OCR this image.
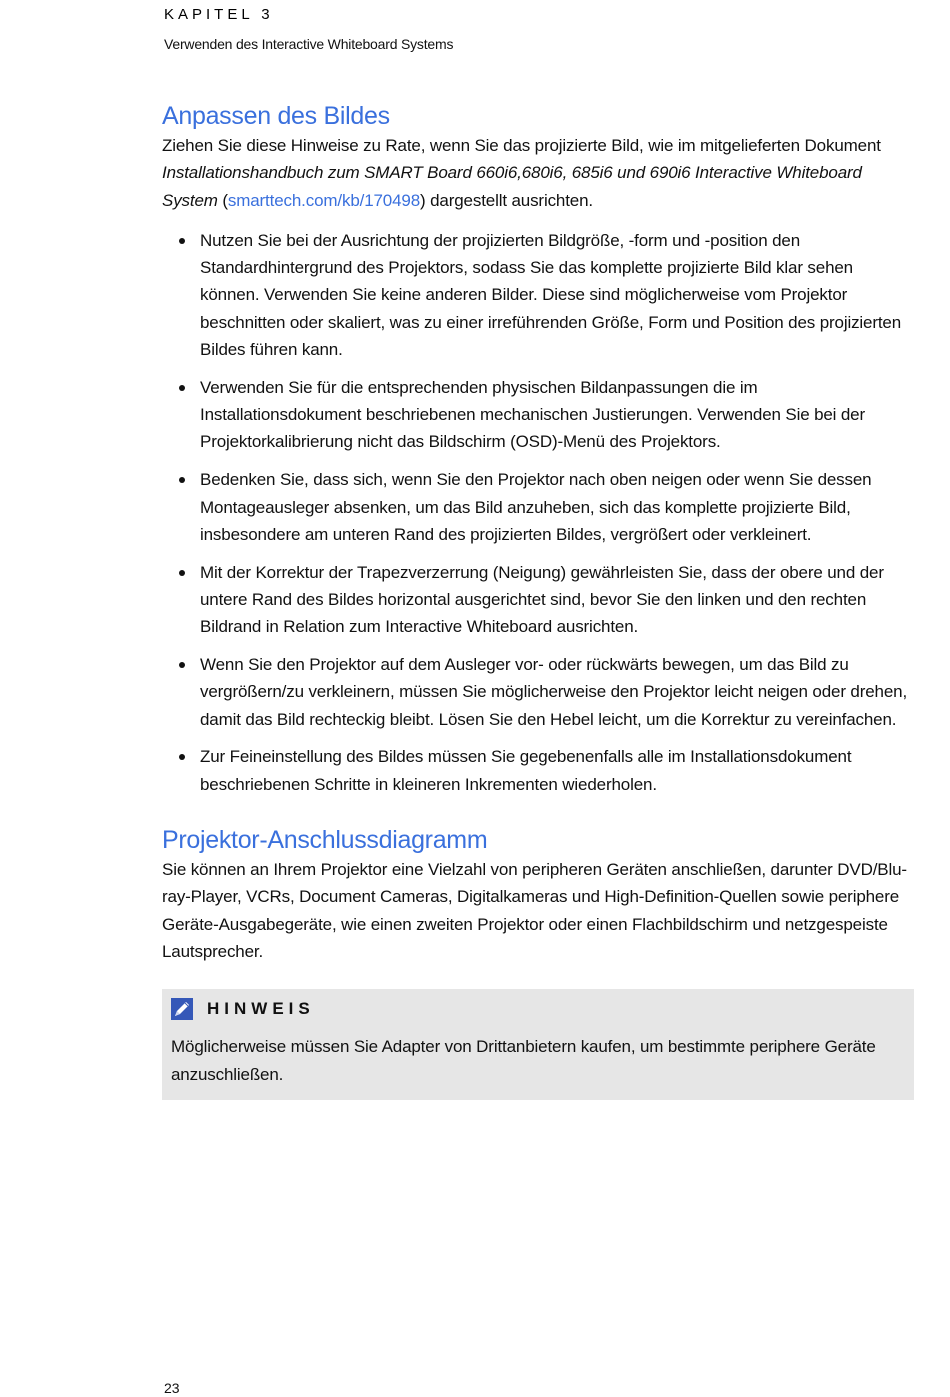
KAPITEL 3
Verwenden des Interactive Whiteboard Systems
Anpassen des Bildes

Ziehen Sie diese Hinweise zu Rate, wenn Sie das projizierte Bild, wie im mitgelieferten Dokument Installationshandbuch zum SMART Board 660i6,680i6, 685i6 und 690i6 Interactive Whiteboard System (smarttech.com/kb/170498) dargestellt ausrichten.

Nutzen Sie bei der Ausrichtung der projizierten Bildgröße, -form und -position den Standardhintergrund des Projektors, sodass Sie das komplette projizierte Bild klar sehen können. Verwenden Sie keine anderen Bilder. Diese sind möglicherweise vom Projektor beschnitten oder skaliert, was zu einer irreführenden Größe, Form und Position des projizierten Bildes führen kann.
Verwenden Sie für die entsprechenden physischen Bildanpassungen die im Installationsdokument beschriebenen mechanischen Justierungen. Verwenden Sie bei der Projektorkalibrierung nicht das Bildschirm (OSD)-Menü des Projektors.
Bedenken Sie, dass sich, wenn Sie den Projektor nach oben neigen oder wenn Sie dessen Montageausleger absenken, um das Bild anzuheben, sich das komplette projizierte Bild, insbesondere am unteren Rand des projizierten Bildes, vergrößert oder verkleinert.
Mit der Korrektur der Trapezverzerrung (Neigung) gewährleisten Sie, dass der obere und der untere Rand des Bildes horizontal ausgerichtet sind, bevor Sie den linken und den rechten Bildrand in Relation zum Interactive Whiteboard ausrichten.
Wenn Sie den Projektor auf dem Ausleger vor- oder rückwärts bewegen, um das Bild zu vergrößern/zu verkleinern, müssen Sie möglicherweise den Projektor leicht neigen oder drehen, damit das Bild rechteckig bleibt. Lösen Sie den Hebel leicht, um die Korrektur zu vereinfachen.
Zur Feineinstellung des Bildes müssen Sie gegebenenfalls alle im Installationsdokument beschriebenen Schritte in kleineren Inkrementen wiederholen.
Projektor-Anschlussdiagramm

Sie können an Ihrem Projektor eine Vielzahl von peripheren Geräten anschließen, darunter DVD/Blu-ray-Player, VCRs, Document Cameras, Digitalkameras und High-Definition-Quellen sowie periphere Geräte-Ausgabegeräte, wie einen zweiten Projektor oder einen Flachbildschirm und netzgespeiste Lautsprecher.

HINWEIS

Möglicherweise müssen Sie Adapter von Drittanbietern kaufen, um bestimmte periphere Geräte anzuschließen.

23
